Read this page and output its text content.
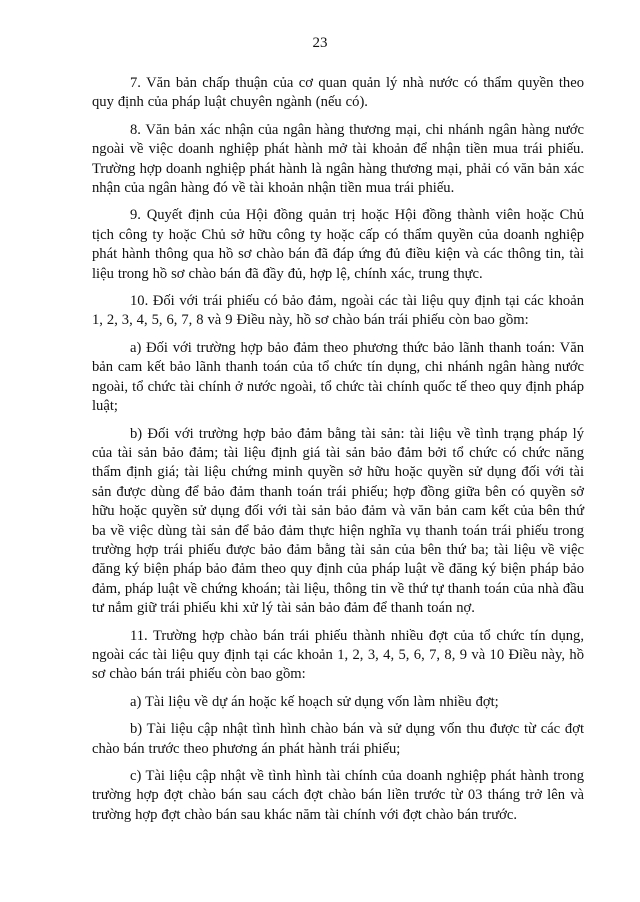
23

7. Văn bản chấp thuận của cơ quan quản lý nhà nước có thẩm quyền theo quy định của pháp luật chuyên ngành (nếu có).

8. Văn bản xác nhận của ngân hàng thương mại, chi nhánh ngân hàng nước ngoài về việc doanh nghiệp phát hành mở tài khoản để nhận tiền mua trái phiếu. Trường hợp doanh nghiệp phát hành là ngân hàng thương mại, phải có văn bản xác nhận của ngân hàng đó về tài khoản nhận tiền mua trái phiếu.

9. Quyết định của Hội đồng quản trị hoặc Hội đồng thành viên hoặc Chủ tịch công ty hoặc Chủ sở hữu công ty hoặc cấp có thẩm quyền của doanh nghiệp phát hành thông qua hồ sơ chào bán đã đáp ứng đủ điều kiện và các thông tin, tài liệu trong hồ sơ chào bán đã đầy đủ, hợp lệ, chính xác, trung thực.

10. Đối với trái phiếu có bảo đảm, ngoài các tài liệu quy định tại các khoản 1, 2, 3, 4, 5, 6, 7, 8 và 9 Điều này, hồ sơ chào bán trái phiếu còn bao gồm:

a) Đối với trường hợp bảo đảm theo phương thức bảo lãnh thanh toán: Văn bản cam kết bảo lãnh thanh toán của tổ chức tín dụng, chi nhánh ngân hàng nước ngoài, tổ chức tài chính ở nước ngoài, tổ chức tài chính quốc tế theo quy định pháp luật;

b) Đối với trường hợp bảo đảm bằng tài sản: tài liệu về tình trạng pháp lý của tài sản bảo đảm; tài liệu định giá tài sản bảo đảm bởi tổ chức có chức năng thẩm định giá; tài liệu chứng minh quyền sở hữu hoặc quyền sử dụng đối với tài sản được dùng để bảo đảm thanh toán trái phiếu; hợp đồng giữa bên có quyền sở hữu hoặc quyền sử dụng đối với tài sản bảo đảm và văn bản cam kết của bên thứ ba về việc dùng tài sản để bảo đảm thực hiện nghĩa vụ thanh toán trái phiếu trong trường hợp trái phiếu được bảo đảm bằng tài sản của bên thứ ba; tài liệu về việc đăng ký biện pháp bảo đảm theo quy định của pháp luật về đăng ký biện pháp bảo đảm, pháp luật về chứng khoán; tài liệu, thông tin về thứ tự thanh toán của nhà đầu tư nắm giữ trái phiếu khi xử lý tài sản bảo đảm để thanh toán nợ.

11. Trường hợp chào bán trái phiếu thành nhiều đợt của tổ chức tín dụng, ngoài các tài liệu quy định tại các khoản 1, 2, 3, 4, 5, 6, 7, 8, 9 và 10 Điều này, hồ sơ chào bán trái phiếu còn bao gồm:

a) Tài liệu về dự án hoặc kế hoạch sử dụng vốn làm nhiều đợt;

b) Tài liệu cập nhật tình hình chào bán và sử dụng vốn thu được từ các đợt chào bán trước theo phương án phát hành trái phiếu;

c) Tài liệu cập nhật về tình hình tài chính của doanh nghiệp phát hành trong trường hợp đợt chào bán sau cách đợt chào bán liền trước từ 03 tháng trở lên và trường hợp đợt chào bán sau khác năm tài chính với đợt chào bán trước.
